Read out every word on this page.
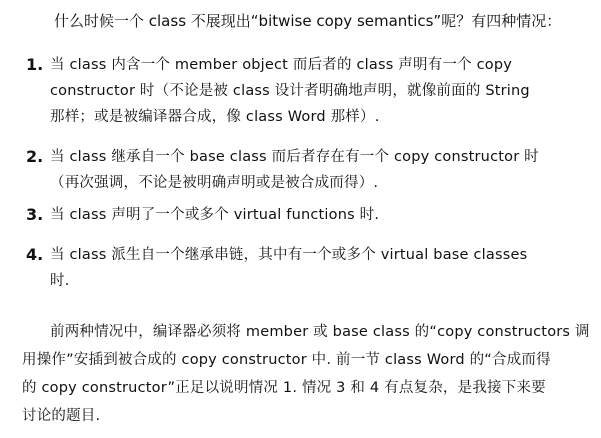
什么时候一个 class 不展现出“bitwise copy semantics”呢？有四种情况：
1. 当 class 内含一个 member object 而后者的 class 声明有一个 copy
constructor 时（不论是被 class 设计者明确地声明，就像前面的 String
那样；或是被编译器合成，像 class Word 那样）.
2. 当 class 继承自一个 base class 而后者存在有一个 copy constructor 时
（再次强调，不论是被明确声明或是被合成而得）.
3. 当 class 声明了一个或多个 virtual functions 时.
4. 当 class 派生自一个继承串链，其中有一个或多个 virtual base classes
时.
前两种情况中，编译器必须将 member 或 base class 的“copy constructors 调
用操作”安插到被合成的 copy constructor 中. 前一节 class Word 的“合成而得
的 copy constructor”正足以说明情况 1. 情况 3 和 4 有点复杂，是我接下来要
讨论的题目.
